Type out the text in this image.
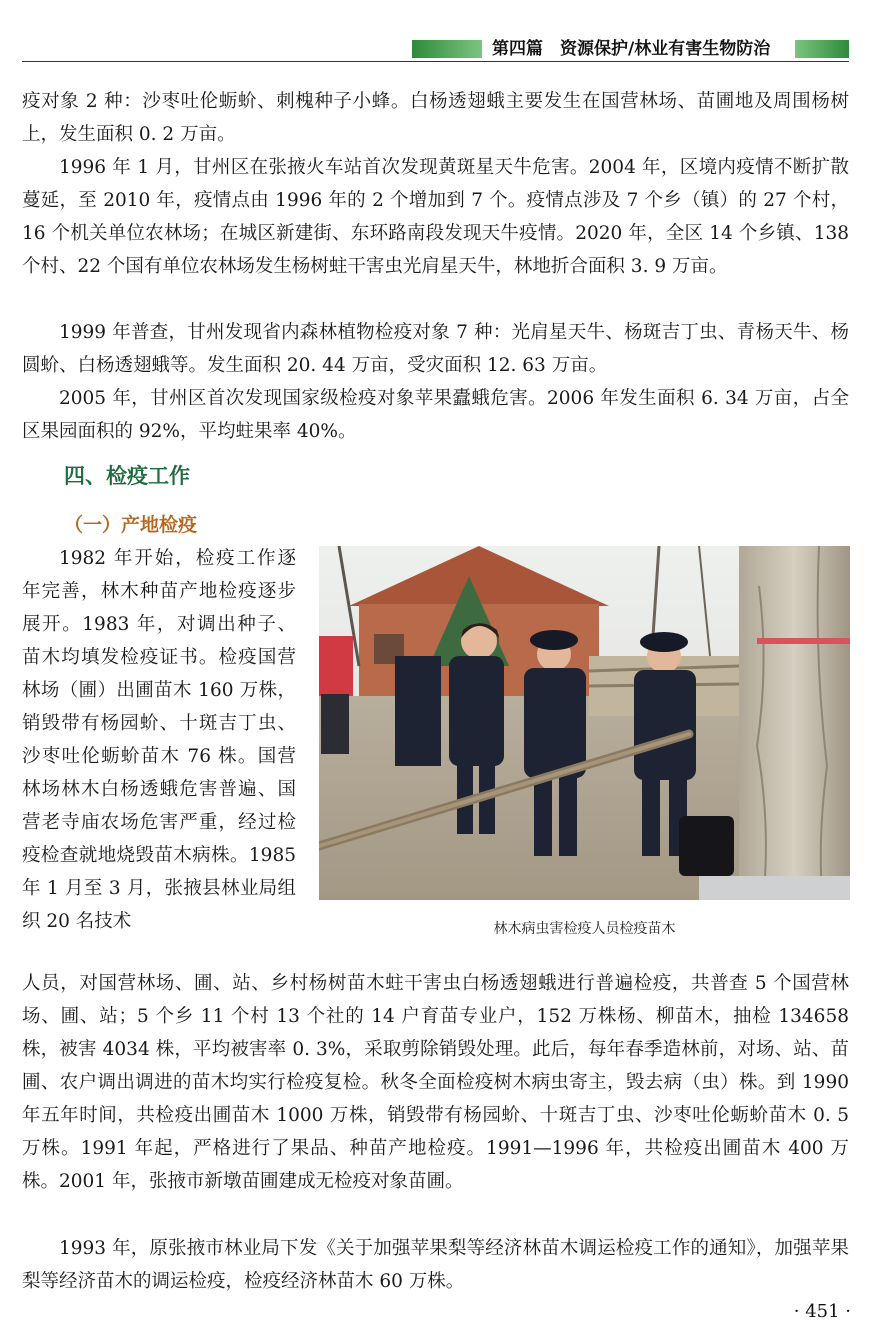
第四篇　资源保护/林业有害生物防治

疫对象 2 种：沙枣吐伦蛎蚧、刺槐种子小蜂。白杨透翅蛾主要发生在国营林场、苗圃地及周围杨树上，发生面积 0. 2 万亩。

1996 年 1 月，甘州区在张掖火车站首次发现黄斑星天牛危害。2004 年，区境内疫情不断扩散蔓延，至 2010 年，疫情点由 1996 年的 2 个增加到 7 个。疫情点涉及 7 个乡（镇）的 27 个村，16 个机关单位农林场；在城区新建街、东环路南段发现天牛疫情。2020 年，全区 14 个乡镇、138 个村、22 个国有单位农林场发生杨树蛀干害虫光肩星天牛，林地折合面积 3. 9 万亩。

1999 年普查，甘州发现省内森林植物检疫对象 7 种：光肩星天牛、杨斑吉丁虫、青杨天牛、杨圆蚧、白杨透翅蛾等。发生面积 20. 44 万亩，受灾面积 12. 63 万亩。

2005 年，甘州区首次发现国家级检疫对象苹果蠹蛾危害。2006 年发生面积 6. 34 万亩，占全区果园面积的 92%，平均蛀果率 40%。

四、检疫工作
（一）产地检疫

1982 年开始，检疫工作逐年完善，林木种苗产地检疫逐步展开。1983 年，对调出种子、苗木均填发检疫证书。检疫国营林场（圃）出圃苗木 160 万株，销毁带有杨园蚧、十斑吉丁虫、沙枣吐伦蛎蚧苗木 76 株。国营林场林木白杨透蛾危害普遍、国营老寺庙农场危害严重，经过检疫检查就地烧毁苗木病株。1985 年 1 月至 3 月，张掖县林业局组织 20 名技术	林木病虫害检疫人员检疫苗木

人员，对国营林场、圃、站、乡村杨树苗木蛀干害虫白杨透翅蛾进行普遍检疫，共普查 5 个国营林场、圃、站；5 个乡 11 个村 13 个社的 14 户育苗专业户，152 万株杨、柳苗木，抽检 134658 株，被害 4034 株，平均被害率 0. 3%，采取剪除销毁处理。此后，每年春季造林前，对场、站、苗圃、农户调出调进的苗木均实行检疫复检。秋冬全面检疫树木病虫寄主，毁去病（虫）株。到 1990 年五年时间，共检疫出圃苗木 1000 万株，销毁带有杨园蚧、十斑吉丁虫、沙枣吐伦蛎蚧苗木 0. 5 万株。1991 年起，严格进行了果品、种苗产地检疫。1991—1996 年，共检疫出圃苗木 400 万株。2001 年，张掖市新墩苗圃建成无检疫对象苗圃。

1993 年，原张掖市林业局下发《关于加强苹果梨等经济林苗木调运检疫工作的通知》，加强苹果梨等经济苗木的调运检疫，检疫经济林苗木 60 万株。

· 451 ·
